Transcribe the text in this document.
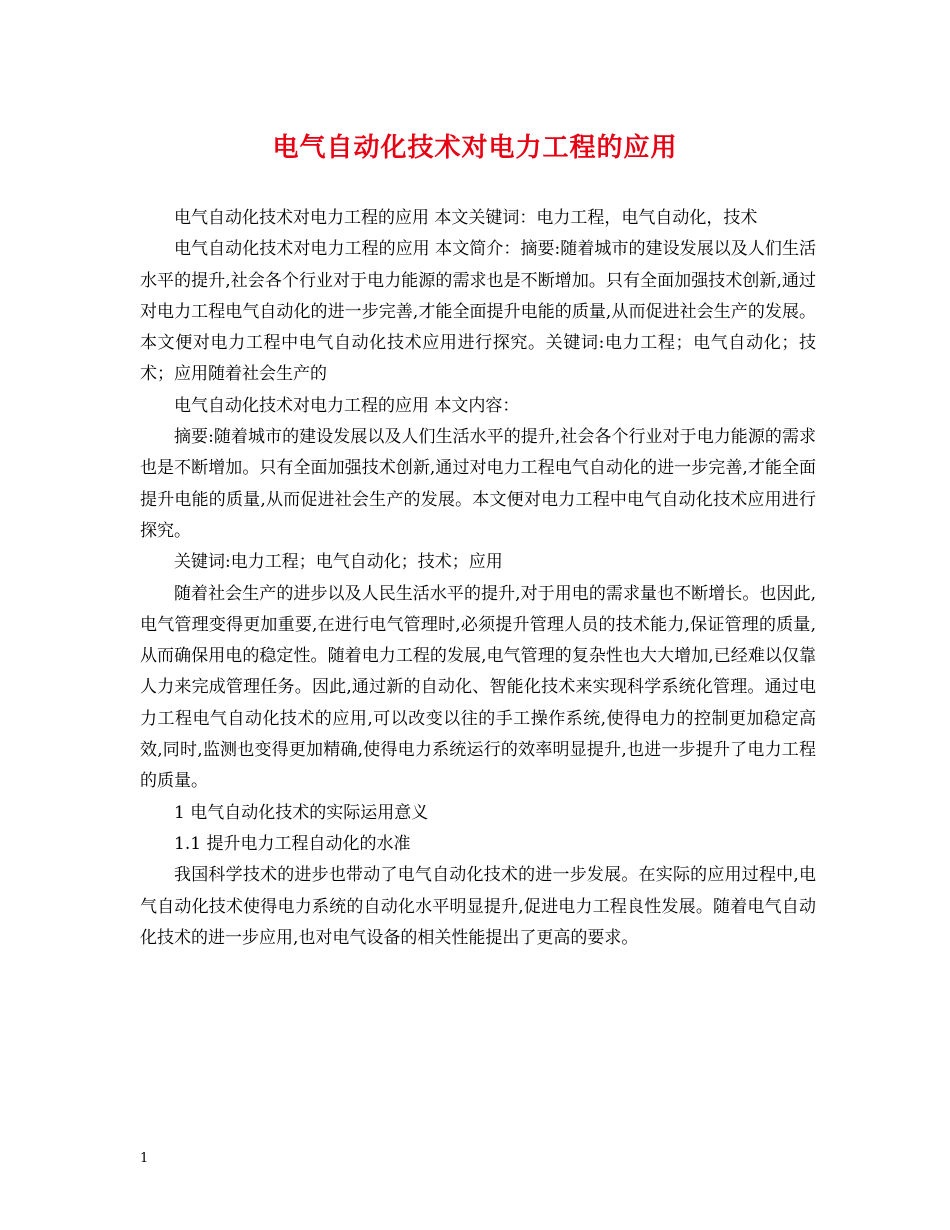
电气自动化技术对电力工程的应用

电气自动化技术对电力工程的应用 本文关键词：电力工程，电气自动化，技术

电气自动化技术对电力工程的应用 本文简介：摘要:随着城市的建设发展以及人们生活水平的提升,社会各个行业对于电力能源的需求也是不断增加。只有全面加强技术创新,通过对电力工程电气自动化的进一步完善,才能全面提升电能的质量,从而促进社会生产的发展。本文便对电力工程中电气自动化技术应用进行探究。关键词:电力工程；电气自动化；技术；应用随着社会生产的

电气自动化技术对电力工程的应用 本文内容：

摘要:随着城市的建设发展以及人们生活水平的提升,社会各个行业对于电力能源的需求也是不断增加。只有全面加强技术创新,通过对电力工程电气自动化的进一步完善,才能全面提升电能的质量,从而促进社会生产的发展。本文便对电力工程中电气自动化技术应用进行探究。

关键词:电力工程；电气自动化；技术；应用

随着社会生产的进步以及人民生活水平的提升,对于用电的需求量也不断增长。也因此,电气管理变得更加重要,在进行电气管理时,必须提升管理人员的技术能力,保证管理的质量,从而确保用电的稳定性。随着电力工程的发展,电气管理的复杂性也大大增加,已经难以仅靠人力来完成管理任务。因此,通过新的自动化、智能化技术来实现科学系统化管理。通过电力工程电气自动化技术的应用,可以改变以往的手工操作系统,使得电力的控制更加稳定高效,同时,监测也变得更加精确,使得电力系统运行的效率明显提升,也进一步提升了电力工程的质量。

1 电气自动化技术的实际运用意义

1.1 提升电力工程自动化的水准

我国科学技术的进步也带动了电气自动化技术的进一步发展。在实际的应用过程中,电气自动化技术使得电力系统的自动化水平明显提升,促进电力工程良性发展。随着电气自动化技术的进一步应用,也对电气设备的相关性能提出了更高的要求。

1
